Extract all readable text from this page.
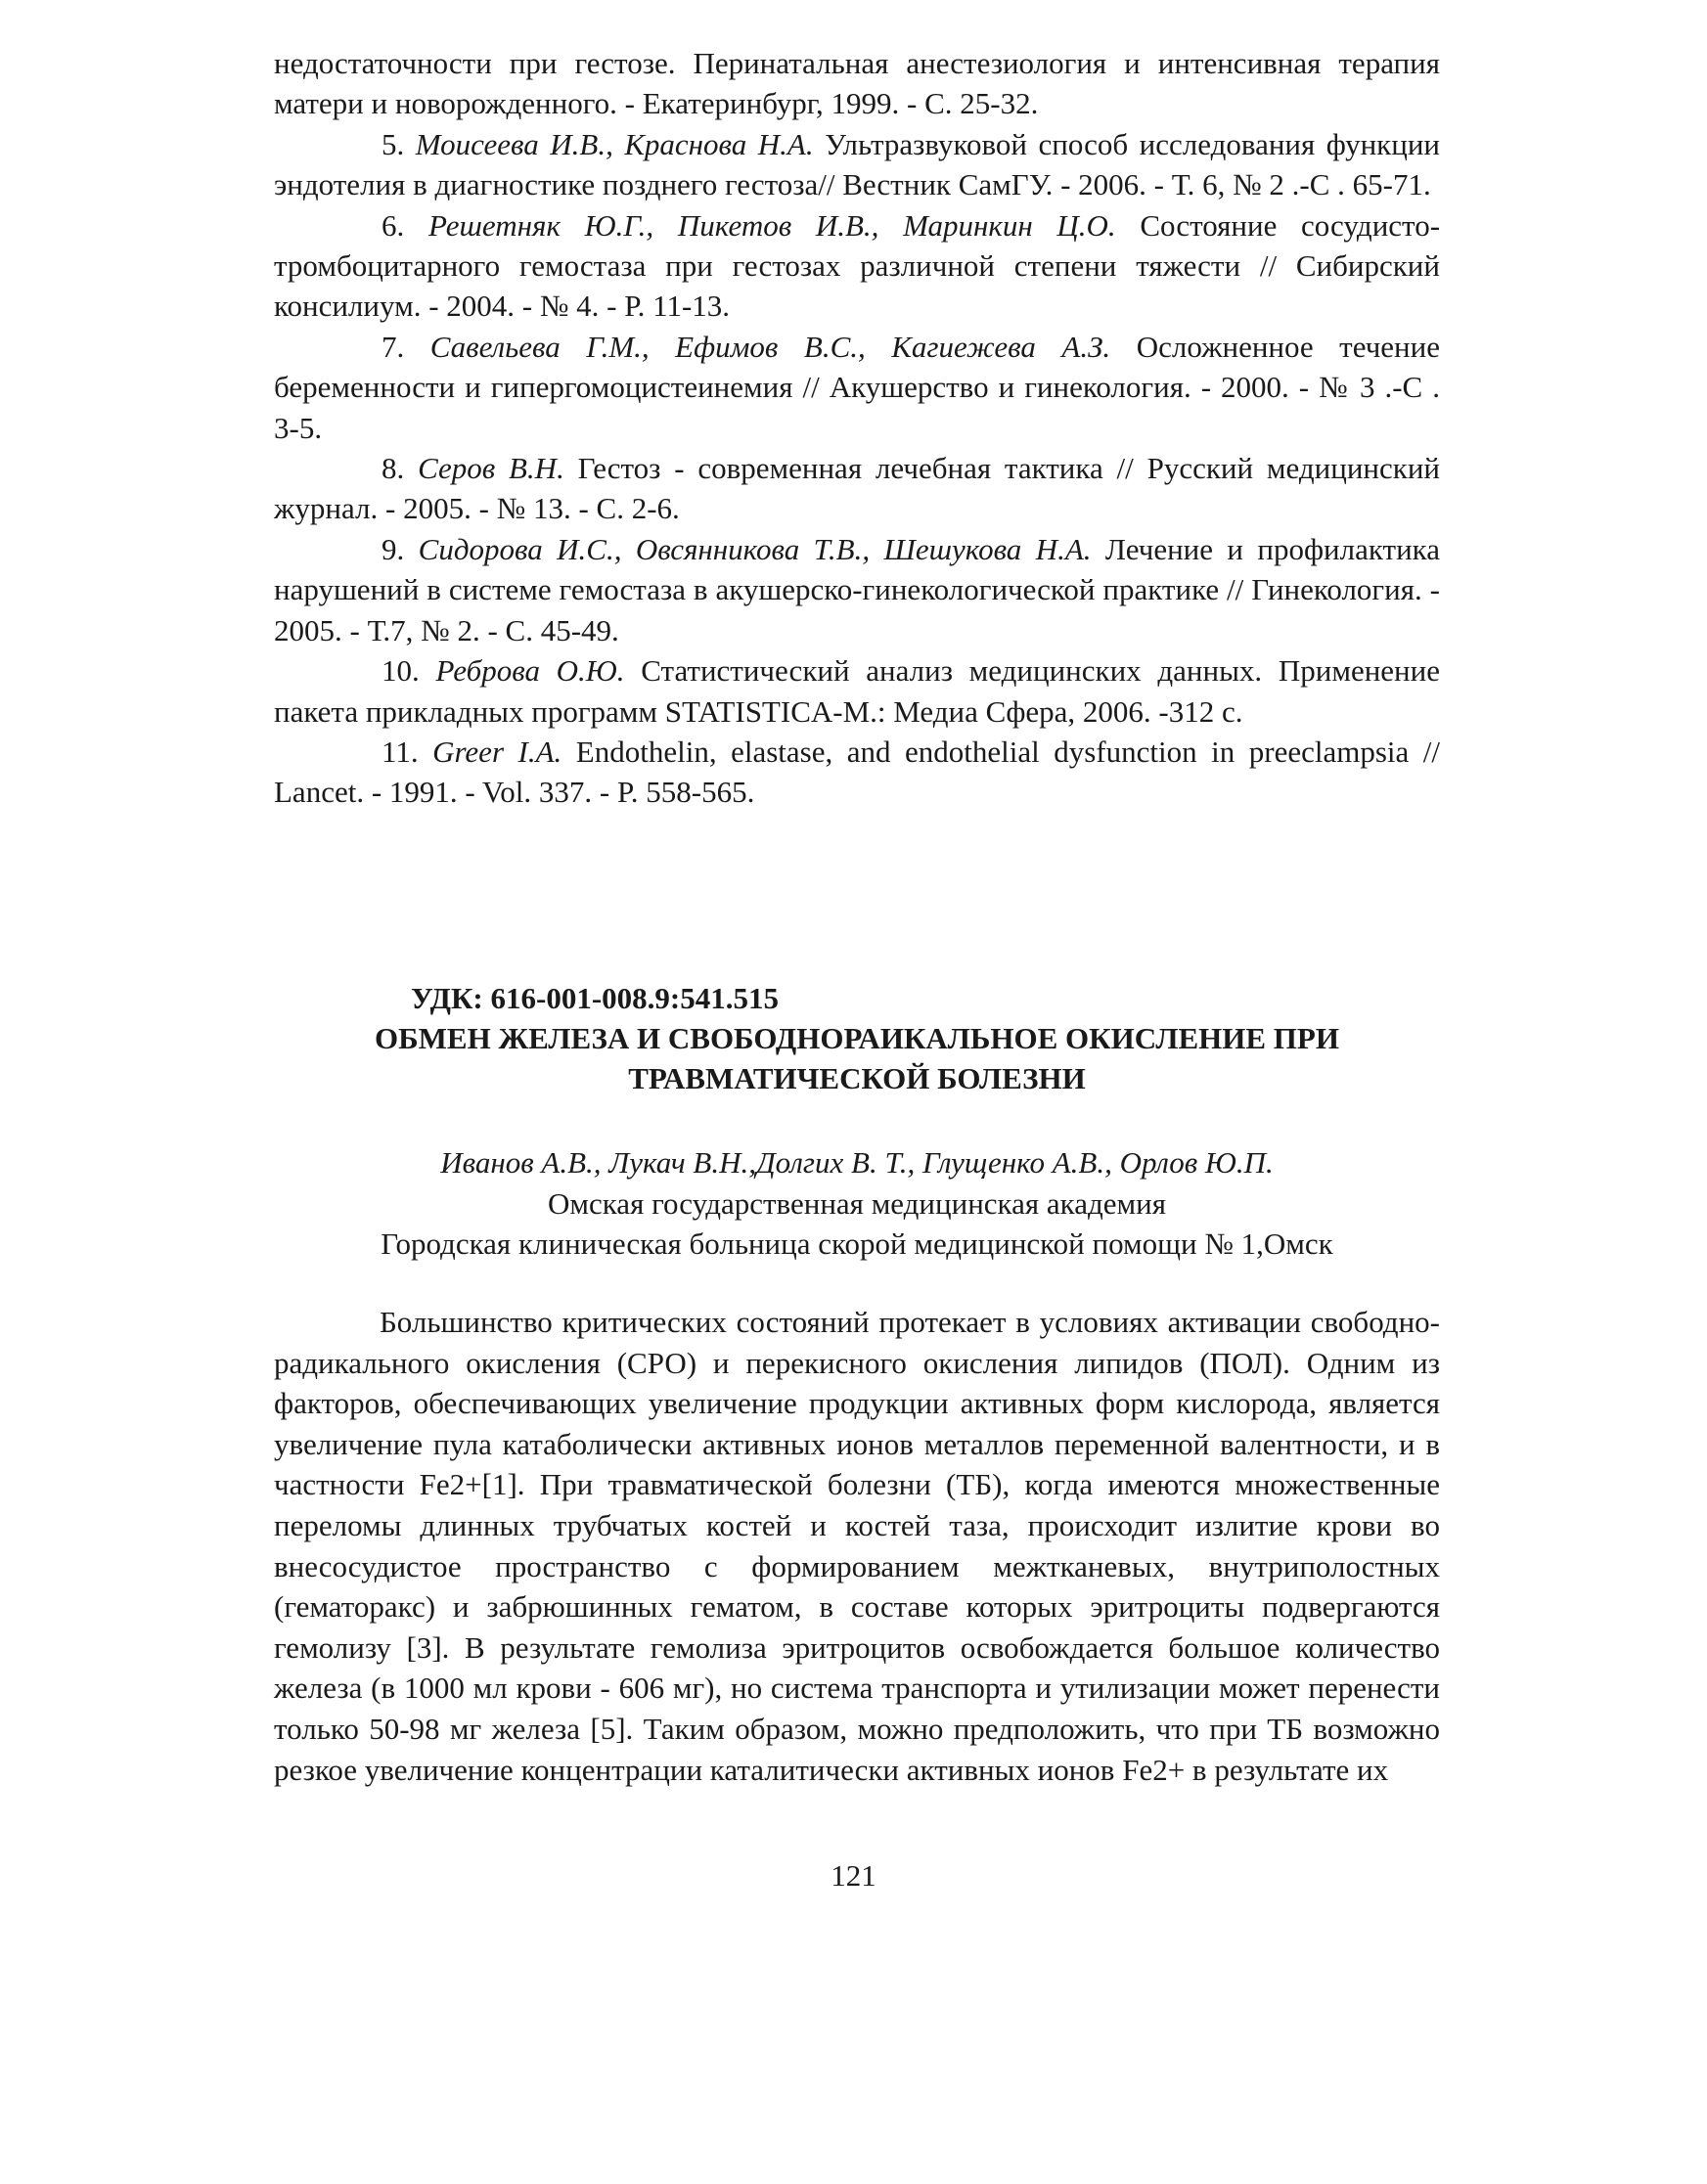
недостаточности при гестозе. Перинатальная анестезиология и интенсивная терапия матери и новорожденного. - Екатеринбург, 1999. - С. 25-32.

5. Моисеева И.В., Краснова Н.А. Ультразвуковой способ исследования функции эндотелия в диагностике позднего гестоза// Вестник СамГУ. - 2006. - Т. 6, № 2 .-С . 65-71.

6. Решетняк Ю.Г., Пикетов И.В., Маринкин Ц.О. Состояние сосудисто-тромбоцитарного гемостаза при гестозах различной степени тяжести // Сибирский консилиум. - 2004. - № 4. - Р. 11-13.

7. Савельева Г.М., Ефимов В.С., Кагиежева А.З. Осложненное течение беременности и гипергомоцистеинемия // Акушерство и гинекология. - 2000. - № 3 .-С . 3-5.

8. Серов В.Н. Гестоз - современная лечебная тактика // Русский медицинский журнал. - 2005. - № 13. - С. 2-6.

9. Сидорова И.С., Овсянникова Т.В., Шешукова Н.А. Лечение и профилактика нарушений в системе гемостаза в акушерско-гинекологической практике // Гинекология. - 2005. - Т.7, № 2. - С. 45-49.

10. Реброва О.Ю. Статистический анализ медицинских данных. Применение пакета прикладных программ STATISTICA-M.: Медиа Сфера, 2006. -312 с.

11. Greer I.A. Endothelin, elastase, and endothelial dysfunction in preeclampsia // Lancet. - 1991. - Vol. 337. - P. 558-565.

УДК: 616-001-008.9:541.515
ОБМЕН ЖЕЛЕЗА И СВОБОДНОРАИКАЛЬНОЕ ОКИСЛЕНИЕ ПРИ
ТРАВМАТИЧЕСКОЙ БОЛЕЗНИ
Иванов А.В., Лукач В.Н.,Долгих В. Т., Глущенко А.В., Орлов Ю.П.
Омская государственная медицинская академия
Городская клиническая больница скорой медицинской помощи № 1,Омск

Большинство критических состояний протекает в условиях активации свободно-радикального окисления (СРО) и перекисного окисления липидов (ПОЛ). Одним из факторов, обеспечивающих увеличение продукции активных форм кислорода, является увеличение пула катаболически активных ионов металлов переменной валентности, и в частности Fe2+[1]. При травматической болезни (ТБ), когда имеются множественные переломы длинных трубчатых костей и костей таза, происходит излитие крови во внесосудистое пространство с формированием межтканевых, внутриполостных (гематоракс) и забрюшинных гематом, в составе которых эритроциты подвергаются гемолизу [3]. В результате гемолиза эритроцитов освобождается большое количество железа (в 1000 мл крови - 606 мг), но система транспорта и утилизации может перенести только 50-98 мг железа [5]. Таким образом, можно предположить, что при ТБ возможно резкое увеличение концентрации каталитически активных ионов Fe2+ в результате их

121
